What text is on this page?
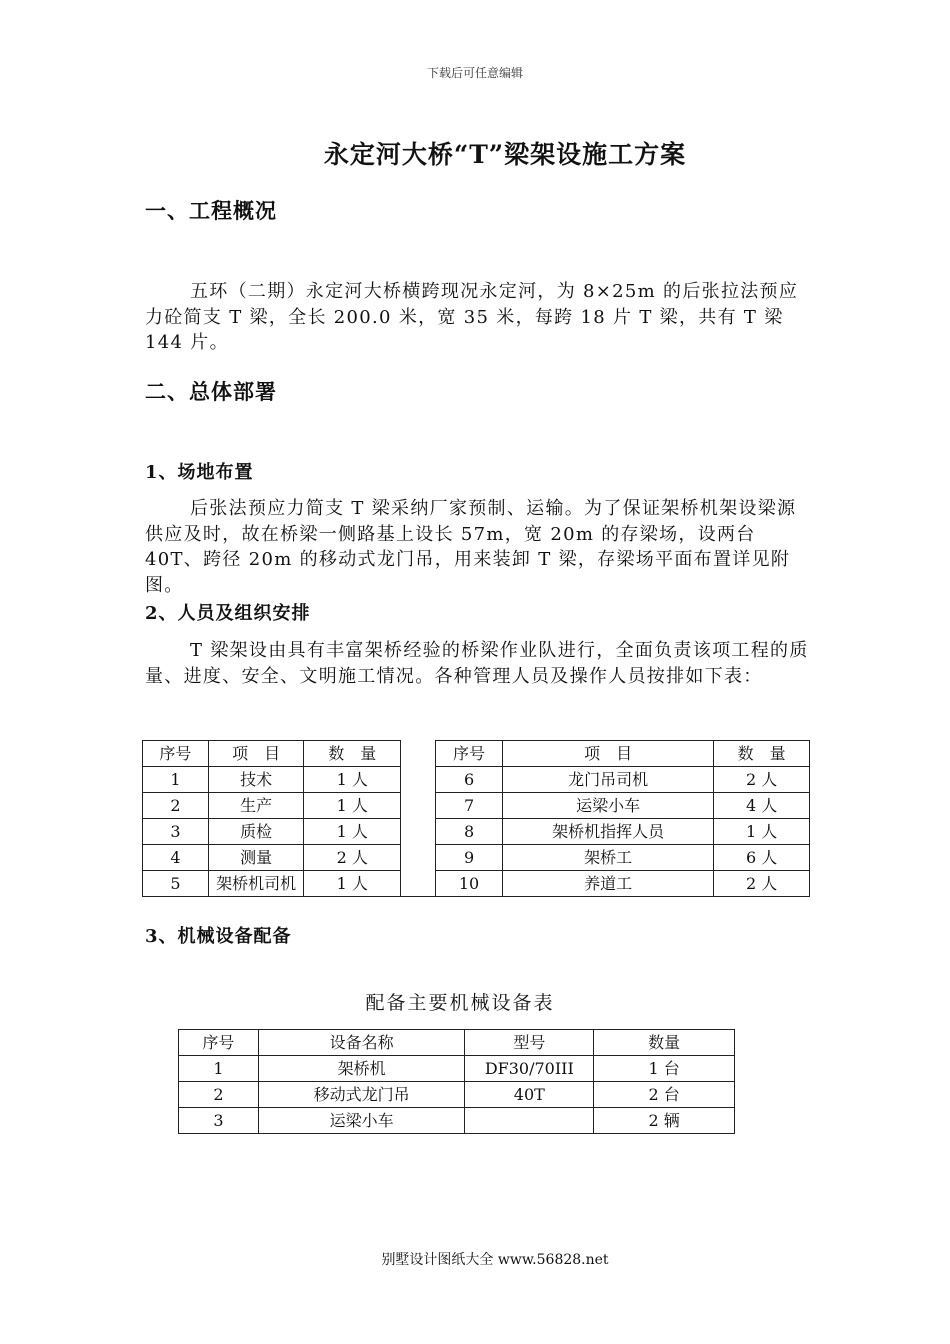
下载后可任意编辑
永定河大桥“T”梁架设施工方案
一、工程概况
五环（二期）永定河大桥横跨现况永定河，为 8×25m 的后张拉法预应力砼简支 T 梁，全长 200.0 米，宽 35 米，每跨 18 片 T 梁，共有 T 梁 144 片。
二、总体部署
1、场地布置
后张法预应力简支 T 梁采纳厂家预制、运输。为了保证架桥机架设梁源供应及时，故在桥梁一侧路基上设长 57m，宽 20m 的存梁场，设两台 40T、跨径 20m 的移动式龙门吊，用来装卸 T 梁，存梁场平面布置详见附图。
2、人员及组织安排
T 梁架设由具有丰富架桥经验的桥梁作业队进行，全面负责该项工程的质量、进度、安全、文明施工情况。各种管理人员及操作人员按排如下表：
序号	项　目	数　量		序号	项　目	数　量
1	技术	1 人		6	龙门吊司机	2 人
2	生产	1 人		7	运梁小车	4 人
3	质检	1 人		8	架桥机指挥人员	1 人
4	测量	2 人		9	架桥工	6 人
5	架桥机司机	1 人		10	养道工	2 人
3、机械设备配备
配备主要机械设备表
序号	设备名称	型号	数量
1	架桥机	DF30/70III	1 台
2	移动式龙门吊	40T	2 台
3	运梁小车		2 辆
别墅设计图纸大全 www.56828.net
